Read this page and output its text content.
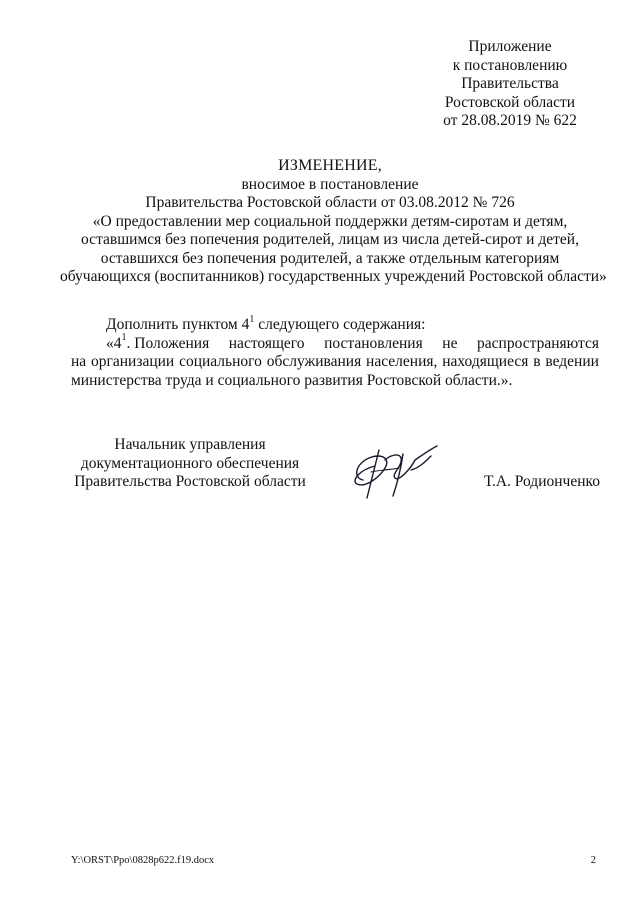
Приложение
к постановлению
Правительства
Ростовской области
от 28.08.2019 № 622
ИЗМЕНЕНИЕ,
вносимое в постановление
Правительства Ростовской области от 03.08.2012 № 726
«О предоставлении мер социальной поддержки детям-сиротам и детям,
оставшимся без попечения родителей, лицам из числа детей-сирот и детей,
оставшихся без попечения родителей, а также отдельным категориям
обучающихся (воспитанников) государственных учреждений Ростовской области»
Дополнить пунктом $4^1$ следующего содержания:
«$4^1$. Положения настоящего постановления не распространяются
на организации социального обслуживания населения, находящиеся в ведении
министерства труда и социального развития Ростовской области.».
Начальник управления
документационного обеспечения
Правительства Ростовской области	Т.А. Родионченко
Y:\ORST\Ppo\0828p622.f19.docx	2
